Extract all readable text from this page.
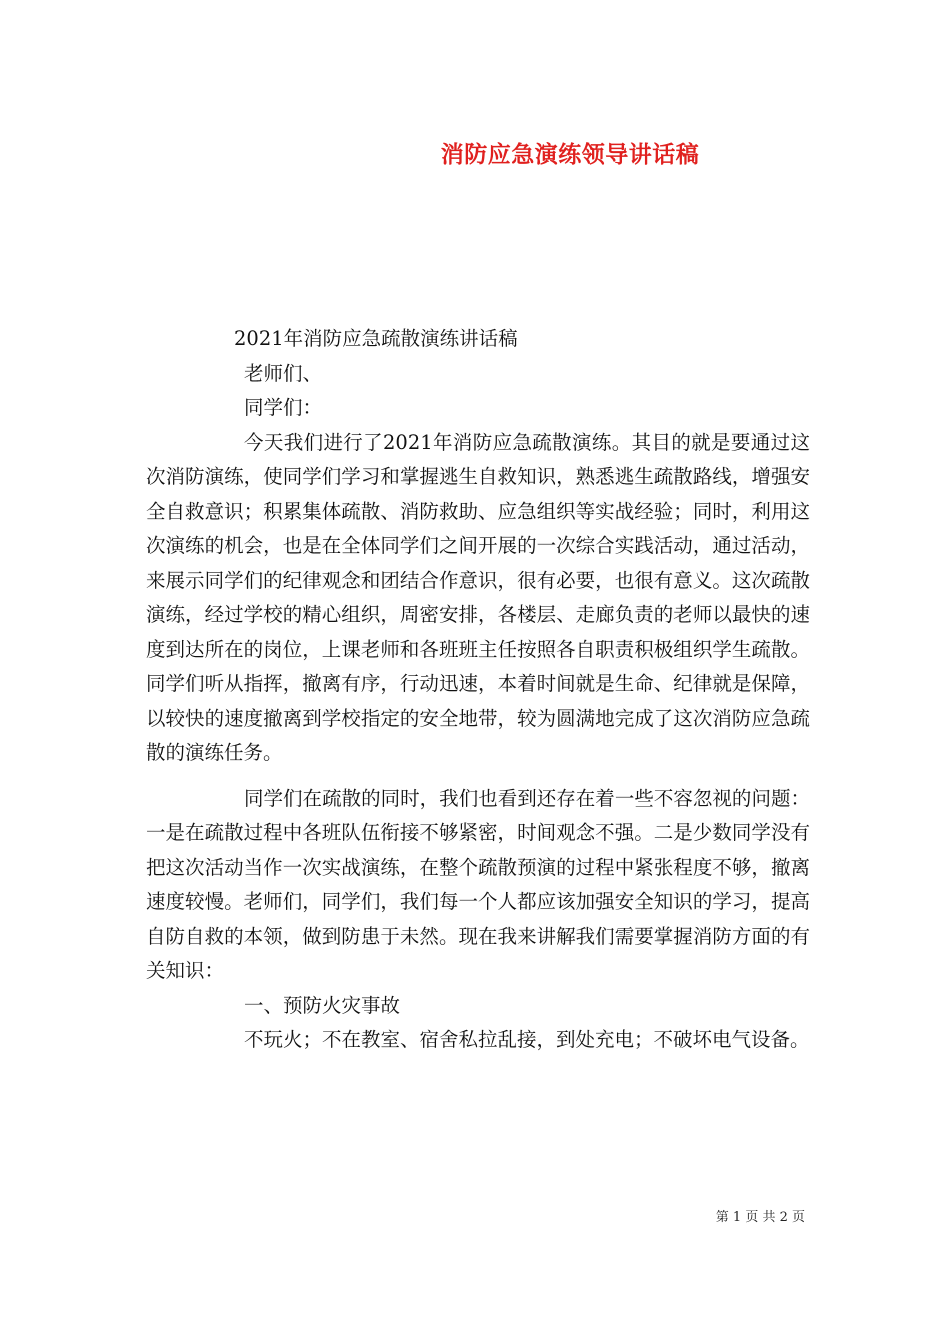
消防应急演练领导讲话稿

2021年消防应急疏散演练讲话稿

老师们、

同学们：

今天我们进行了2021年消防应急疏散演练。其目的就是要通过这次消防演练，使同学们学习和掌握逃生自救知识，熟悉逃生疏散路线，增强安全自救意识；积累集体疏散、消防救助、应急组织等实战经验；同时，利用这次演练的机会，也是在全体同学们之间开展的一次综合实践活动，通过活动，来展示同学们的纪律观念和团结合作意识，很有必要，也很有意义。这次疏散演练，经过学校的精心组织，周密安排，各楼层、走廊负责的老师以最快的速度到达所在的岗位，上课老师和各班班主任按照各自职责积极组织学生疏散。同学们听从指挥，撤离有序，行动迅速，本着时间就是生命、纪律就是保障，以较快的速度撤离到学校指定的安全地带，较为圆满地完成了这次消防应急疏散的演练任务。

同学们在疏散的同时，我们也看到还存在着一些不容忽视的问题：一是在疏散过程中各班队伍衔接不够紧密，时间观念不强。二是少数同学没有把这次活动当作一次实战演练，在整个疏散预演的过程中紧张程度不够，撤离速度较慢。老师们，同学们，我们每一个人都应该加强安全知识的学习，提高自防自救的本领，做到防患于未然。现在我来讲解我们需要掌握消防方面的有关知识：

一、预防火灾事故

不玩火；不在教室、宿舍私拉乱接，到处充电；不破坏电气设备。

第 1 页 共 2 页
